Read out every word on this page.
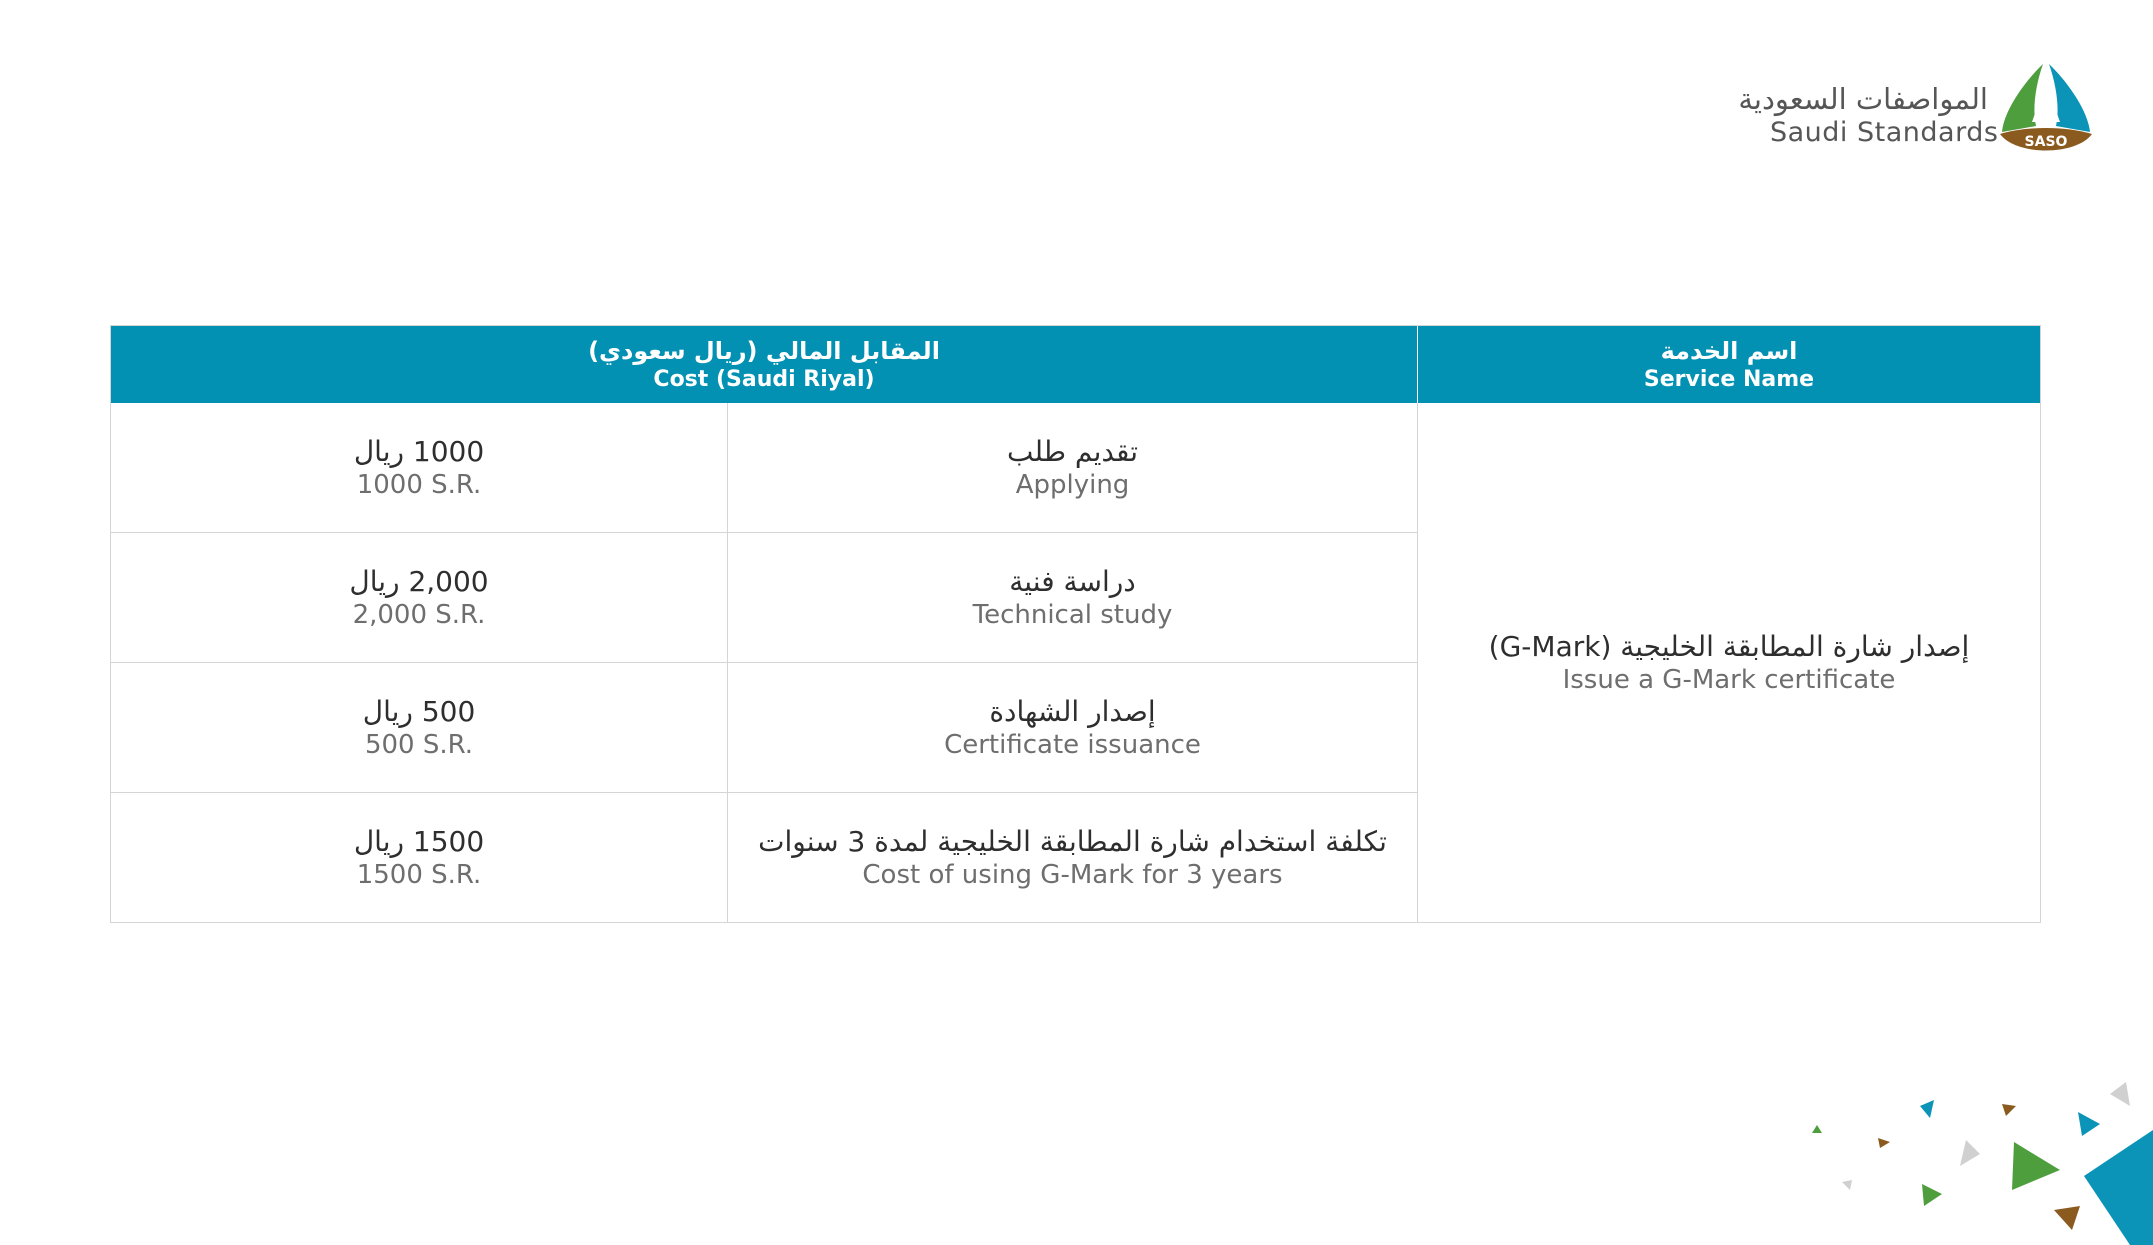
المواصفات السعودية
Saudi Standards SASO
المقابل المالي (ريال سعودي)
Cost (Saudi Riyal)
اسم الخدمة
Service Name
1000 ريال
1000 S.R.
تقديم طلب
Applying
2,000 ريال
2,000 S.R.
دراسة فنية
Technical study
500 ريال
500 S.R.
إصدار الشهادة
Certificate issuance
1500 ريال
1500 S.R.
تكلفة استخدام شارة المطابقة الخليجية لمدة 3 سنوات
Cost of using G-Mark for 3 years
إصدار شارة المطابقة الخليجية (G-Mark)
Issue a G-Mark certificate
